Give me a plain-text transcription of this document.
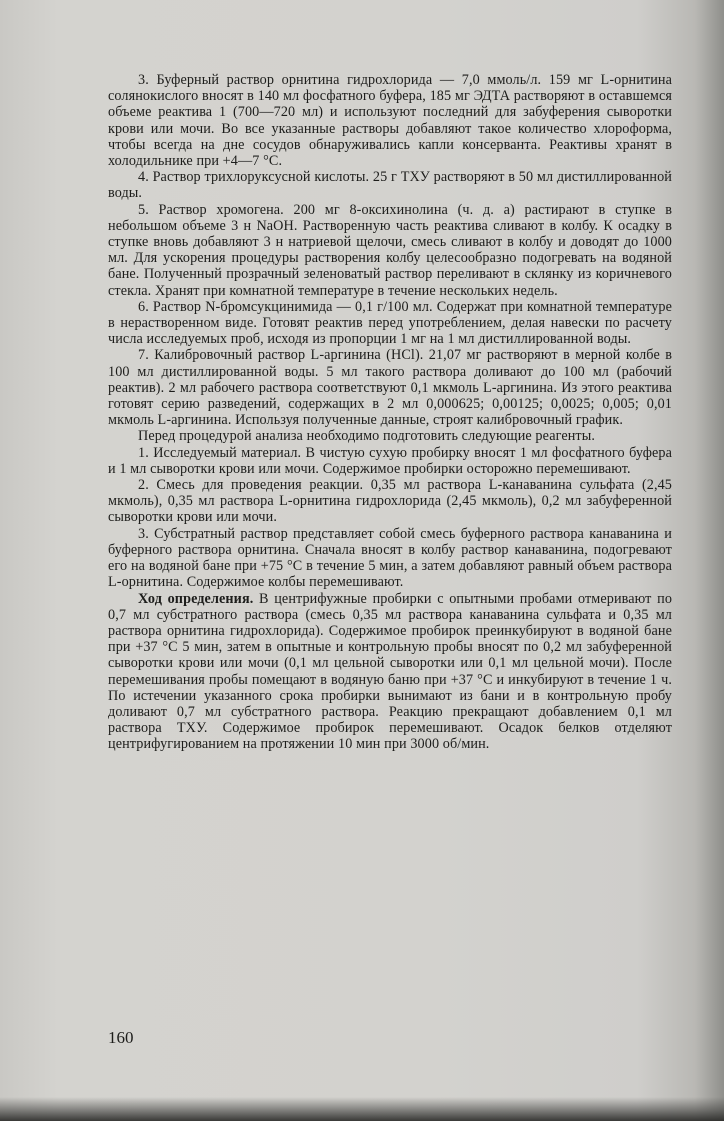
3. Буферный раствор орнитина гидрохлорида — 7,0 ммоль/л. 159 мг L-орнитина солянокислого вносят в 140 мл фосфатного буфера, 185 мг ЭДТА растворяют в оставшемся объеме реактива 1 (700—720 мл) и используют последний для забуферения сыворотки крови или мочи. Во все указанные растворы добавляют такое количество хлороформа, чтобы всегда на дне сосудов обнаруживались капли консерванта. Реактивы хранят в холодильнике при +4—7 °С.

4. Раствор трихлоруксусной кислоты. 25 г ТХУ растворяют в 50 мл дистиллированной воды.

5. Раствор хромогена. 200 мг 8-оксихинолина (ч. д. а) растирают в ступке в небольшом объеме 3 н NaOH. Растворенную часть реактива сливают в колбу. К осадку в ступке вновь добавляют 3 н натриевой щелочи, смесь сливают в колбу и доводят до 1000 мл. Для ускорения процедуры растворения колбу целесообразно подогревать на водяной бане. Полученный прозрачный зеленоватый раствор переливают в склянку из коричневого стекла. Хранят при комнатной температуре в течение нескольких недель.

6. Раствор N-бромсукцинимида — 0,1 г/100 мл. Содержат при комнатной температуре в нерастворенном виде. Готовят реактив перед употреблением, делая навески по расчету числа исследуемых проб, исходя из пропорции 1 мг на 1 мл дистиллированной воды.

7. Калибровочный раствор L-аргинина (НСl). 21,07 мг растворяют в мерной колбе в 100 мл дистиллированной воды. 5 мл такого раствора доливают до 100 мл (рабочий реактив). 2 мл рабочего раствора соответствуют 0,1 мкмоль L-аргинина. Из этого реактива готовят серию разведений, содержащих в 2 мл 0,000625; 0,00125; 0,0025; 0,005; 0,01 мкмоль L-аргинина. Используя полученные данные, строят калибровочный график.

Перед процедурой анализа необходимо подготовить следующие реагенты.

1. Исследуемый материал. В чистую сухую пробирку вносят 1 мл фосфатного буфера и 1 мл сыворотки крови или мочи. Содержимое пробирки осторожно перемешивают.

2. Смесь для проведения реакции. 0,35 мл раствора L-канаванина сульфата (2,45 мкмоль), 0,35 мл раствора L-орнитина гидрохлорида (2,45 мкмоль), 0,2 мл забуференной сыворотки крови или мочи.

3. Субстратный раствор представляет собой смесь буферного раствора канаванина и буферного раствора орнитина. Сначала вносят в колбу раствор канаванина, подогревают его на водяной бане при +75 °С в течение 5 мин, а затем добавляют равный объем раствора L-орнитина. Содержимое колбы перемешивают.

Ход определения. В центрифужные пробирки с опытными пробами отмеривают по 0,7 мл субстратного раствора (смесь 0,35 мл раствора канаванина сульфата и 0,35 мл раствора орнитина гидрохлорида). Содержимое пробирок преинкубируют в водяной бане при +37 °С 5 мин, затем в опытные и контрольную пробы вносят по 0,2 мл забуференной сыворотки крови или мочи (0,1 мл цельной сыворотки или 0,1 мл цельной мочи). После перемешивания пробы помещают в водяную баню при +37 °С и инкубируют в течение 1 ч. По истечении указанного срока пробирки вынимают из бани и в контрольную пробу доливают 0,7 мл субстратного раствора. Реакцию прекращают добавлением 0,1 мл раствора ТХУ. Содержимое пробирок перемешивают. Осадок белков отделяют центрифугированием на протяжении 10 мин при 3000 об/мин.

160
